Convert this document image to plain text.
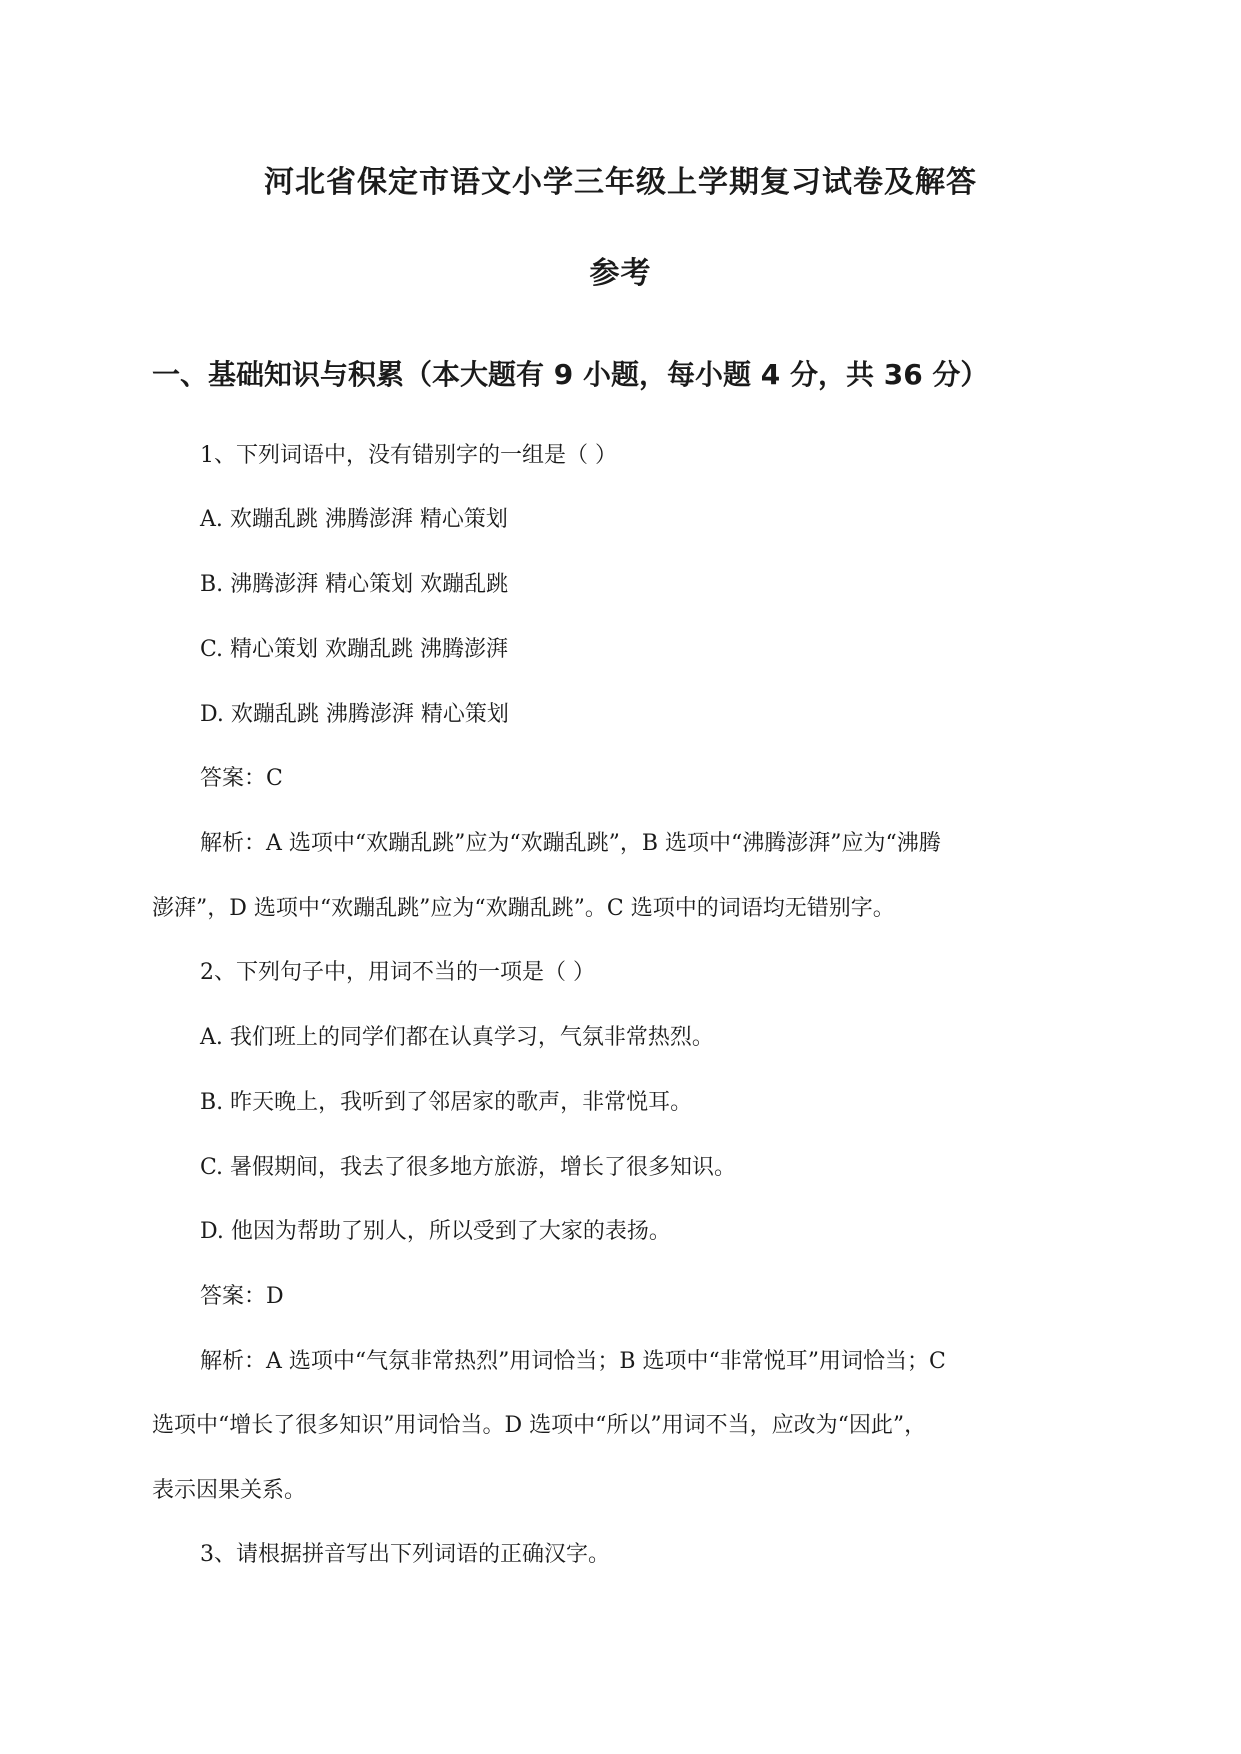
河北省保定市语文小学三年级上学期复习试卷及解答
参考
一、基础知识与积累（本大题有 9 小题，每小题 4 分，共 36 分）
1、下列词语中，没有错别字的一组是（ ）
A. 欢蹦乱跳 沸腾澎湃 精心策划
B. 沸腾澎湃 精心策划 欢蹦乱跳
C. 精心策划 欢蹦乱跳 沸腾澎湃
D. 欢蹦乱跳 沸腾澎湃 精心策划
答案：C
解析：A 选项中“欢蹦乱跳”应为“欢蹦乱跳”，B 选项中“沸腾澎湃”应为“沸腾
澎湃”，D 选项中“欢蹦乱跳”应为“欢蹦乱跳”。C 选项中的词语均无错别字。
2、下列句子中，用词不当的一项是（ ）
A. 我们班上的同学们都在认真学习，气氛非常热烈。
B. 昨天晚上，我听到了邻居家的歌声，非常悦耳。
C. 暑假期间，我去了很多地方旅游，增长了很多知识。
D. 他因为帮助了别人，所以受到了大家的表扬。
答案：D
解析：A 选项中“气氛非常热烈”用词恰当；B 选项中“非常悦耳”用词恰当；C
选项中“增长了很多知识”用词恰当。D 选项中“所以”用词不当，应改为“因此”，
表示因果关系。
3、请根据拼音写出下列词语的正确汉字。
